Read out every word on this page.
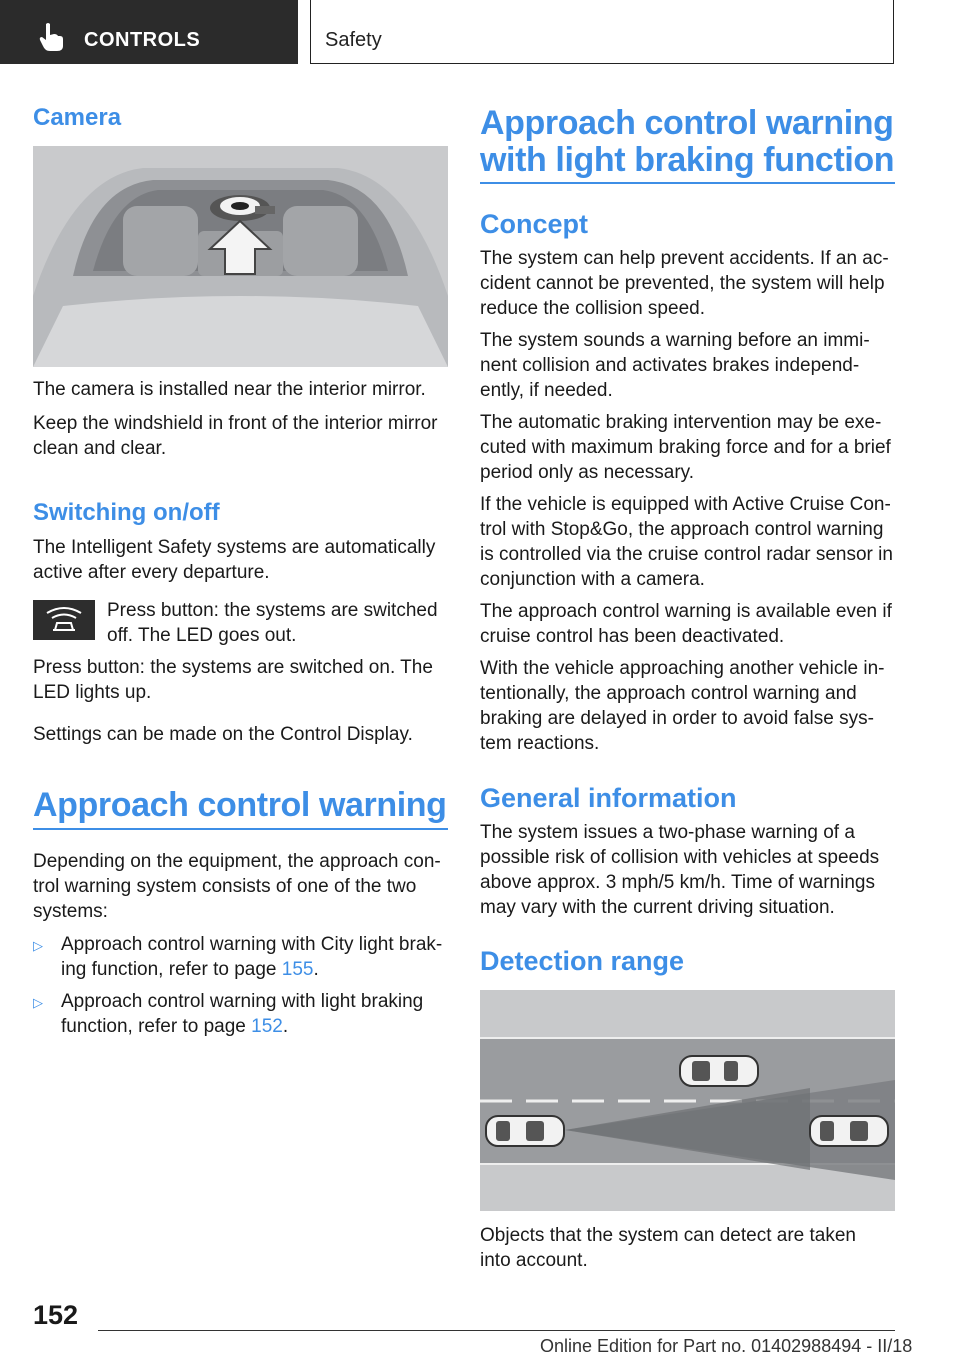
CONTROLS	Safety
Camera

The camera is installed near the interior mirror.

Keep the windshield in front of the interior mirror

clean and clear.

Switching on/off

The Intelligent Safety systems are automatically

active after every departure.

Press button: the systems are switched

off. The LED goes out.

Press button: the systems are switched on. The

LED lights up.

Settings can be made on the Control Display.

Approach control warning

Depending on the equipment, the approach con-

trol warning system consists of one of the two

systems:

▷ Approach control warning with City light brak-

ing function, refer to page 155.

▷ Approach control warning with light braking

function, refer to page 152.

Approach control warning
with light braking function
Concept

The system can help prevent accidents. If an ac-

cident cannot be prevented, the system will help

reduce the collision speed.

The system sounds a warning before an immi-

nent collision and activates brakes independ-

ently, if needed.

The automatic braking intervention may be exe-

cuted with maximum braking force and for a brief

period only as necessary.

If the vehicle is equipped with Active Cruise Con-

trol with Stop&Go, the approach control warning

is controlled via the cruise control radar sensor in

conjunction with a camera.

The approach control warning is available even if

cruise control has been deactivated.

With the vehicle approaching another vehicle in-

tentionally, the approach control warning and

braking are delayed in order to avoid false sys-

tem reactions.

General information

The system issues a two-phase warning of a

possible risk of collision with vehicles at speeds

above approx. 3 mph/5 km/h. Time of warnings

may vary with the current driving situation.

Detection range

Objects that the system can detect are taken

into account.

152
Online Edition for Part no. 01402988494 - II/18
